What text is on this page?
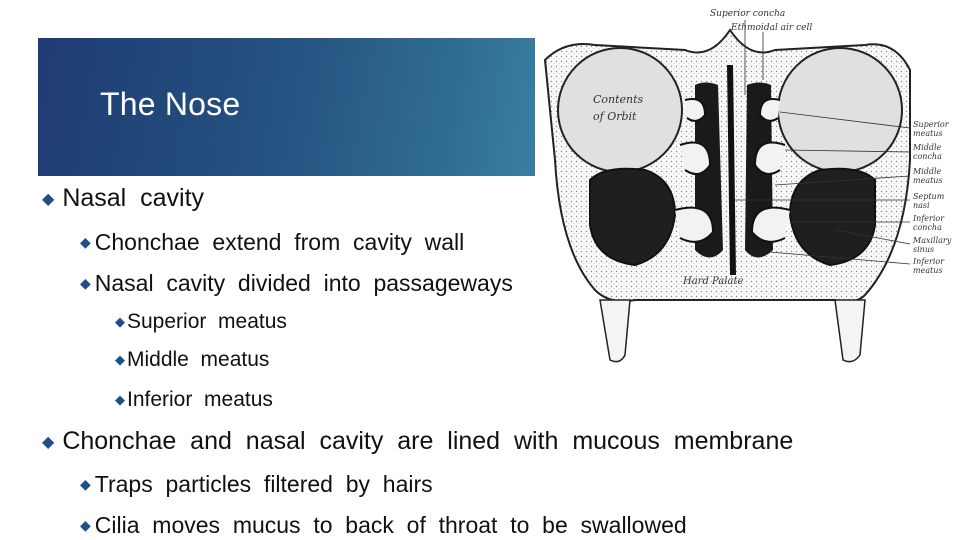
The Nose
◆ Nasal  cavity
◆ Chonchae  extend  from  cavity  wall
◆ Nasal  cavity  divided  into  passageways
◆ Superior  meatus
◆ Middle  meatus
◆ Inferior  meatus
◆ Chonchae  and  nasal  cavity  are  lined  with  mucous  membrane
◆ Traps  particles  filtered  by  hairs
◆ Cilia  moves  mucus  to  back  of  throat  to  be  swallowed
Superior concha
Ethmoidal air cell
Contents
of Orbit
Superior
meatus
Middle
concha
Middle
meatus
Septum
nasi
Inferior
concha
Maxillary
sinus
Inferior
meatus
Hard Palate
